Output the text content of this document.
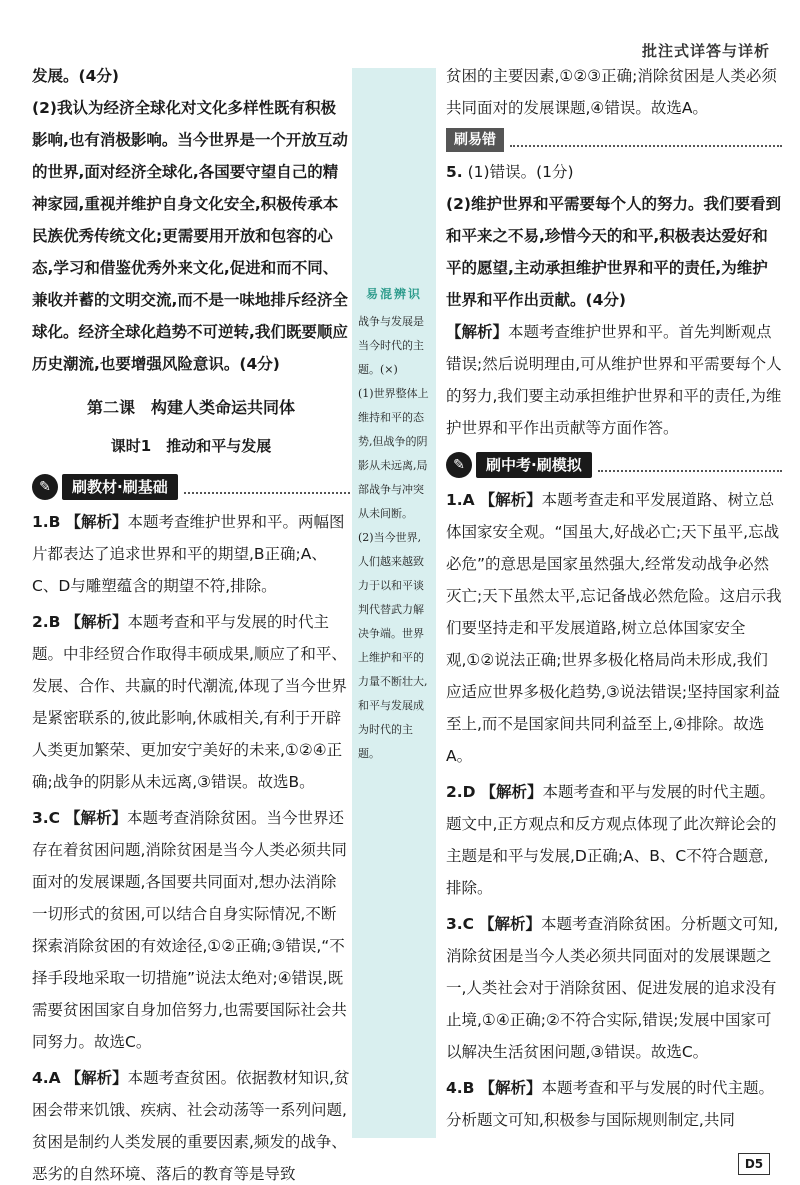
批注式详答与详析

发展。(4分)

(2)我认为经济全球化对文化多样性既有积极影响,也有消极影响。当今世界是一个开放互动的世界,面对经济全球化,各国要守望自己的精神家园,重视并维护自身文化安全,积极传承本民族优秀传统文化;更需要用开放和包容的心态,学习和借鉴优秀外来文化,促进和而不同、兼收并蓄的文明交流,而不是一味地排斥经济全球化。经济全球化趋势不可逆转,我们既要顺应历史潮流,也要增强风险意识。(4分)

第二课　构建人类命运共同体
课时1　推动和平与发展
✎	刷教材·刷基础
1.B 【解析】本题考查维护世界和平。两幅图片都表达了追求世界和平的期望,B正确;A、C、D与雕塑蕴含的期望不符,排除。
2.B 【解析】本题考查和平与发展的时代主题。中非经贸合作取得丰硕成果,顺应了和平、发展、合作、共赢的时代潮流,体现了当今世界是紧密联系的,彼此影响,休戚相关,有利于开辟人类更加繁荣、更加安宁美好的未来,①②④正确;战争的阴影从未远离,③错误。故选B。
3.C 【解析】本题考查消除贫困。当今世界还存在着贫困问题,消除贫困是当今人类必须共同面对的发展课题,各国要共同面对,想办法消除一切形式的贫困,可以结合自身实际情况,不断探索消除贫困的有效途径,①②正确;③错误,“不择手段地采取一切措施”说法太绝对;④错误,既需要贫困国家自身加倍努力,也需要国际社会共同努力。故选C。
4.A 【解析】本题考查贫困。依据教材知识,贫困会带来饥饿、疾病、社会动荡等一系列问题,贫困是制约人类发展的重要因素,频发的战争、恶劣的自然环境、落后的教育等是导致
易混辨识
战争与发展是当今时代的主题。(×)
(1)世界整体上维持和平的态势,但战争的阴影从未远离,局部战争与冲突从未间断。
(2)当今世界,人们越来越致力于以和平谈判代替武力解决争端。世界上维护和平的力量不断壮大,和平与发展成为时代的主题。

贫困的主要因素,①②③正确;消除贫困是人类必须共同面对的发展课题,④错误。故选A。

刷易错
5. (1)错误。(1分)

(2)维护世界和平需要每个人的努力。我们要看到和平来之不易,珍惜今天的和平,积极表达爱好和平的愿望,主动承担维护世界和平的责任,为维护世界和平作出贡献。(4分)

【解析】本题考查维护世界和平。首先判断观点错误;然后说明理由,可从维护世界和平需要每个人的努力,我们要主动承担维护世界和平的责任,为维护世界和平作出贡献等方面作答。

✎	刷中考·刷模拟
1.A 【解析】本题考查走和平发展道路、树立总体国家安全观。“国虽大,好战必亡;天下虽平,忘战必危”的意思是国家虽然强大,经常发动战争必然灭亡;天下虽然太平,忘记备战必然危险。这启示我们要坚持走和平发展道路,树立总体国家安全观,①②说法正确;世界多极化格局尚未形成,我们应适应世界多极化趋势,③说法错误;坚持国家利益至上,而不是国家间共同利益至上,④排除。故选A。
2.D 【解析】本题考查和平与发展的时代主题。题文中,正方观点和反方观点体现了此次辩论会的主题是和平与发展,D正确;A、B、C不符合题意,排除。
3.C 【解析】本题考查消除贫困。分析题文可知,消除贫困是当今人类必须共同面对的发展课题之一,人类社会对于消除贫困、促进发展的追求没有止境,①④正确;②不符合实际,错误;发展中国家可以解决生活贫困问题,③错误。故选C。
4.B 【解析】本题考查和平与发展的时代主题。分析题文可知,积极参与国际规则制定,共同
D5
